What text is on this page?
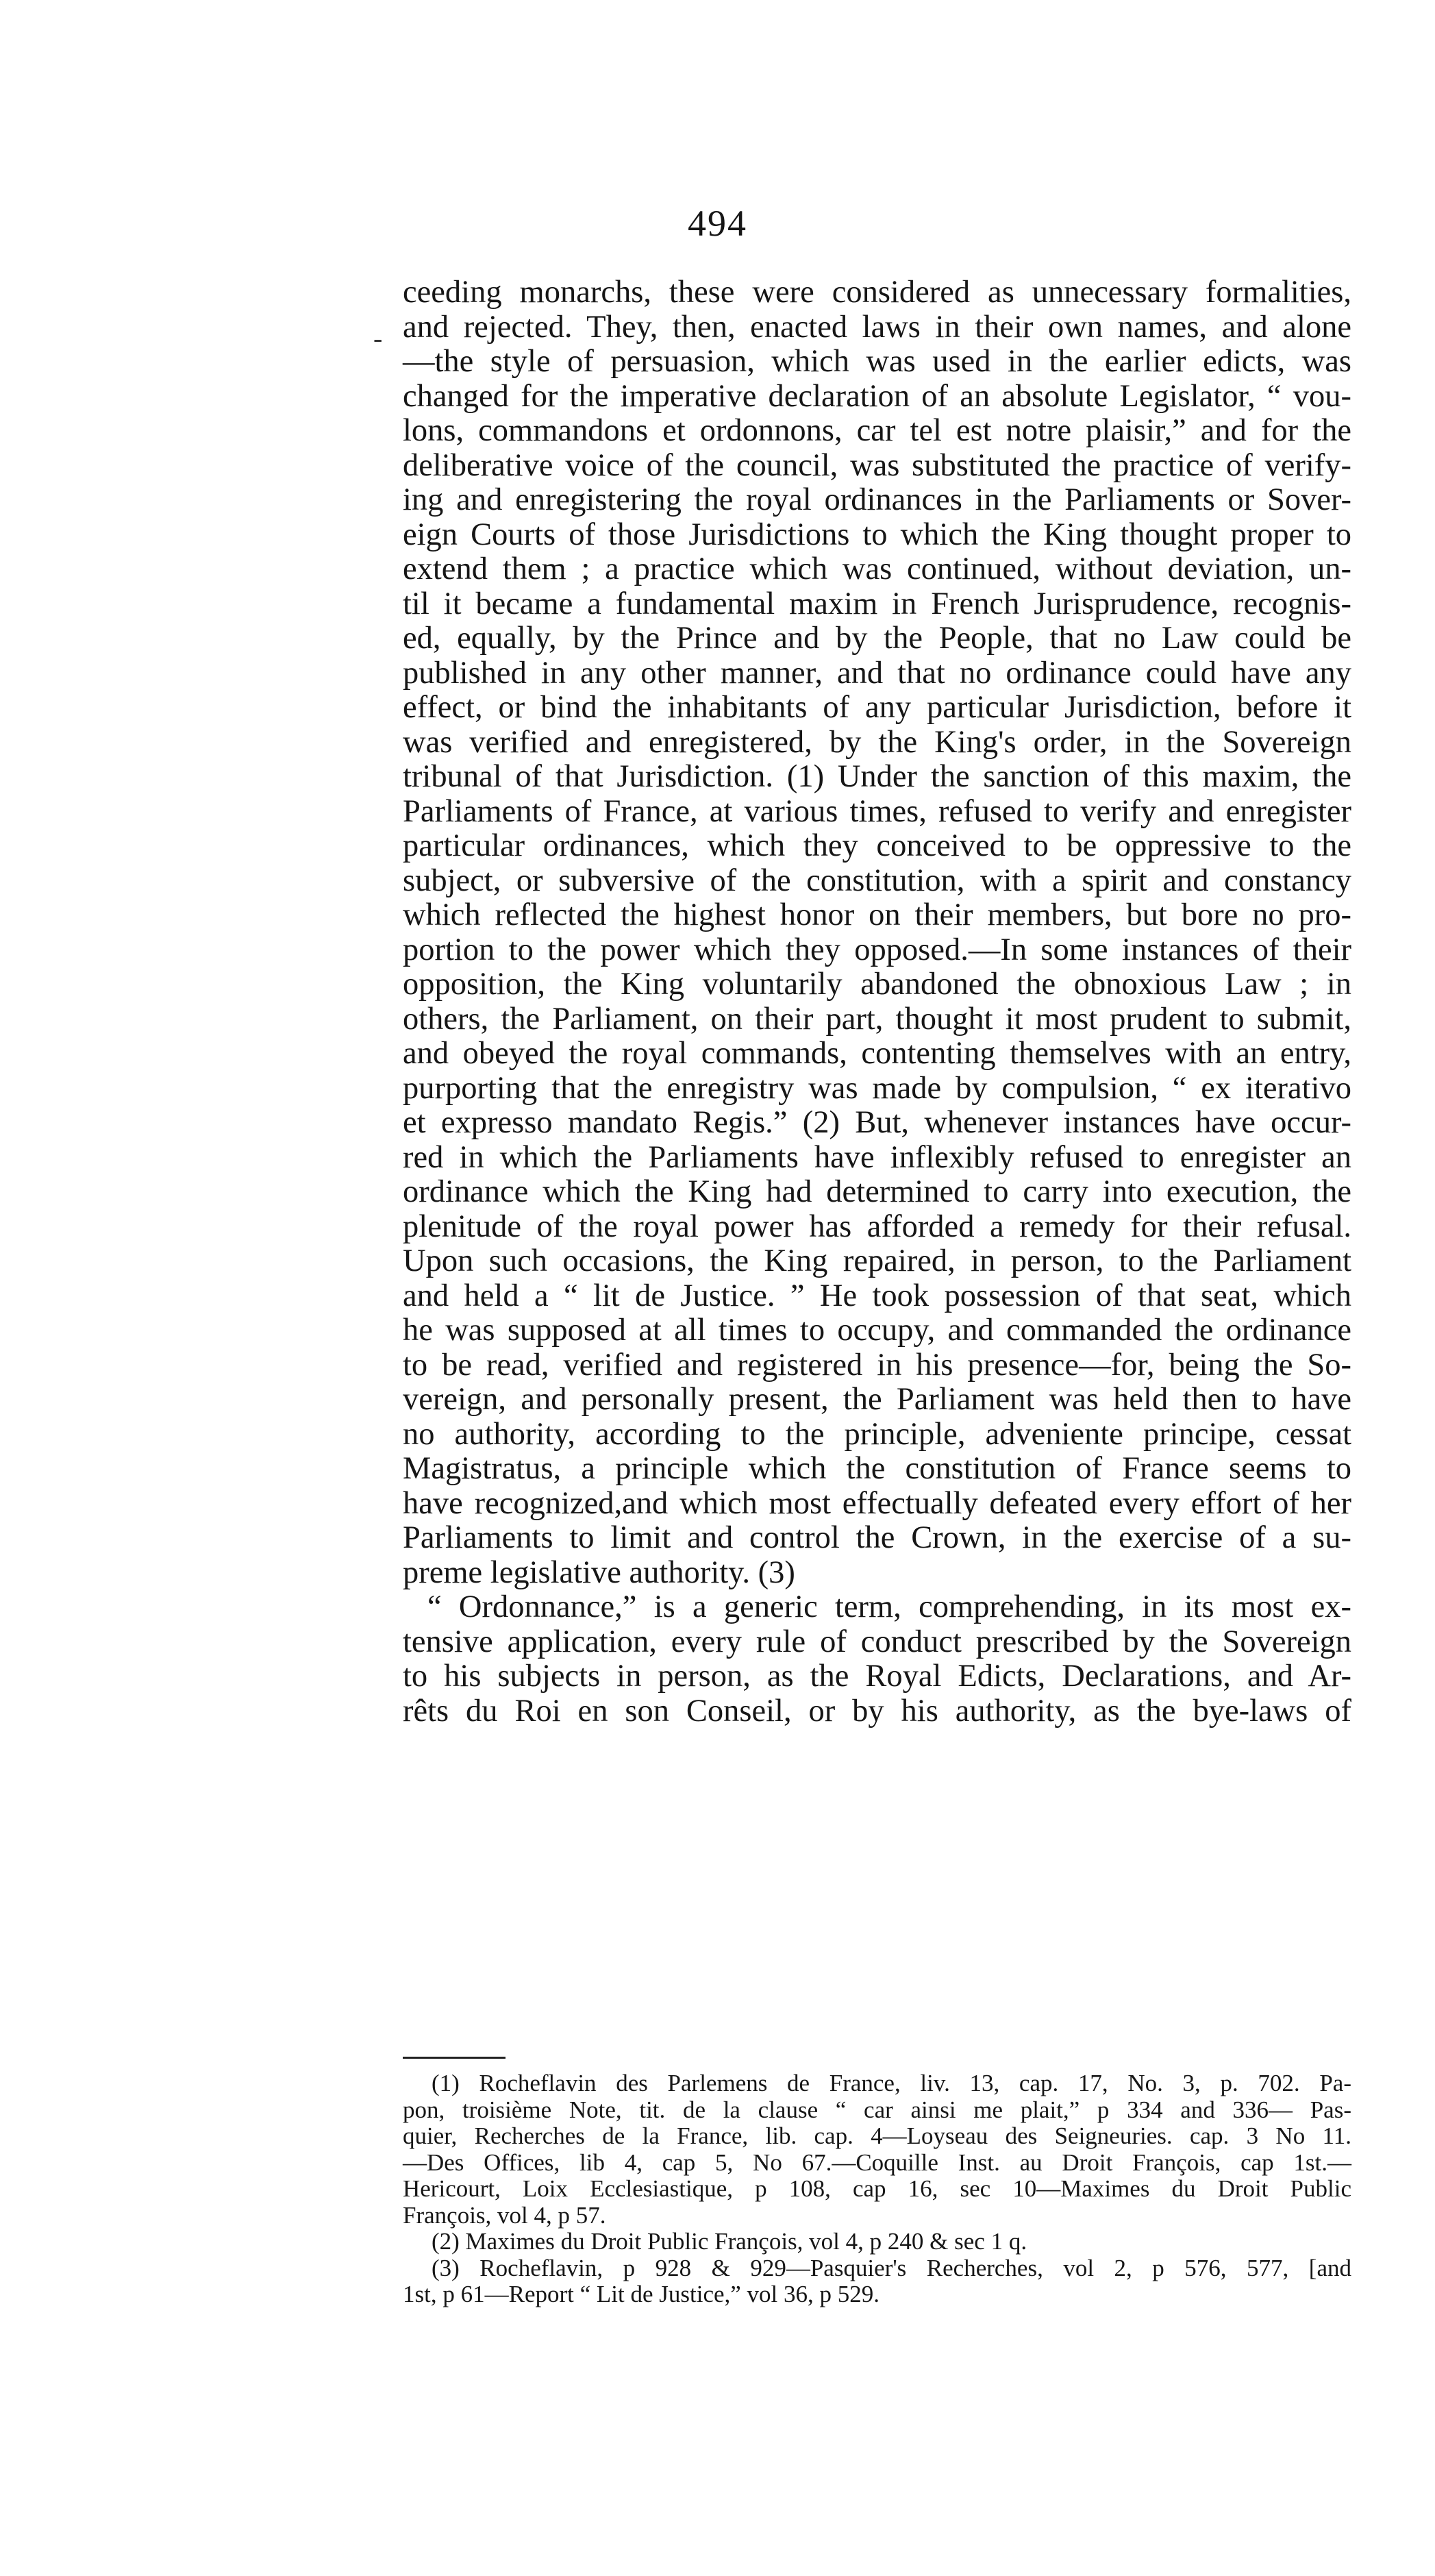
494
-
ceeding monarchs, these were considered as unnecessary formalities,
and rejected. They, then, enacted laws in their own names, and alone
—the style of persuasion, which was used in the earlier edicts, was
changed for the imperative declaration of an absolute Legislator, “ vou-
lons, commandons et ordonnons, car tel est notre plaisir,” and for the
deliberative voice of the council, was substituted the practice of verify-
ing and enregistering the royal ordinances in the Parliaments or Sover-
eign Courts of those Jurisdictions to which the King thought proper to
extend them ; a practice which was continued, without deviation, un-
til it became a fundamental maxim in French Jurisprudence, recognis-
ed, equally, by the Prince and by the People, that no Law could be
published in any other manner, and that no ordinance could have any
effect, or bind the inhabitants of any particular Jurisdiction, before it
was verified and enregistered, by the King's order, in the Sovereign
tribunal of that Jurisdiction. (1) Under the sanction of this maxim, the
Parliaments of France, at various times, refused to verify and enregister
particular ordinances, which they conceived to be oppressive to the
subject, or subversive of the constitution, with a spirit and constancy
which reflected the highest honor on their members, but bore no pro-
portion to the power which they opposed.—In some instances of their
opposition, the King voluntarily abandoned the obnoxious Law ; in
others, the Parliament, on their part, thought it most prudent to submit,
and obeyed the royal commands, contenting themselves with an entry,
purporting that the enregistry was made by compulsion, “ ex iterativo
et expresso mandato Regis.” (2) But, whenever instances have occur-
red in which the Parliaments have inflexibly refused to enregister an
ordinance which the King had determined to carry into execution, the
plenitude of the royal power has afforded a remedy for their refusal.
Upon such occasions, the King repaired, in person, to the Parliament
and held a “ lit de Justice. ” He took possession of that seat, which
he was supposed at all times to occupy, and commanded the ordinance
to be read, verified and registered in his presence—for, being the So-
vereign, and personally present, the Parliament was held then to have
no authority, according to the principle, adveniente principe, cessat
Magistratus, a principle which the constitution of France seems to
have recognized,and which most effectually defeated every effort of her
Parliaments to limit and control the Crown, in the exercise of a su-
preme legislative authority. (3)
“ Ordonnance,” is a generic term, comprehending, in its most ex-
tensive application, every rule of conduct prescribed by the Sovereign
to his subjects in person, as the Royal Edicts, Declarations, and Ar-
rêts du Roi en son Conseil, or by his authority, as the bye-laws of
(1) Rocheflavin des Parlemens de France, liv. 13, cap. 17, No. 3, p. 702. Pa-
pon, troisième Note, tit. de la clause “ car ainsi me plait,” p 334 and 336— Pas-
quier, Recherches de la France, lib. cap. 4—Loyseau des Seigneuries. cap. 3 No 11.
—Des Offices, lib 4, cap 5, No 67.—Coquille Inst. au Droit François, cap 1st.—
Hericourt, Loix Ecclesiastique, p 108, cap 16, sec 10—Maximes du Droit Public
François, vol 4, p 57.
(2) Maximes du Droit Public François, vol 4, p 240 & sec 1 q.
(3) Rocheflavin, p 928 & 929—Pasquier's Recherches, vol 2, p 576, 577, [and
1st, p 61—Report “ Lit de Justice,” vol 36, p 529.
